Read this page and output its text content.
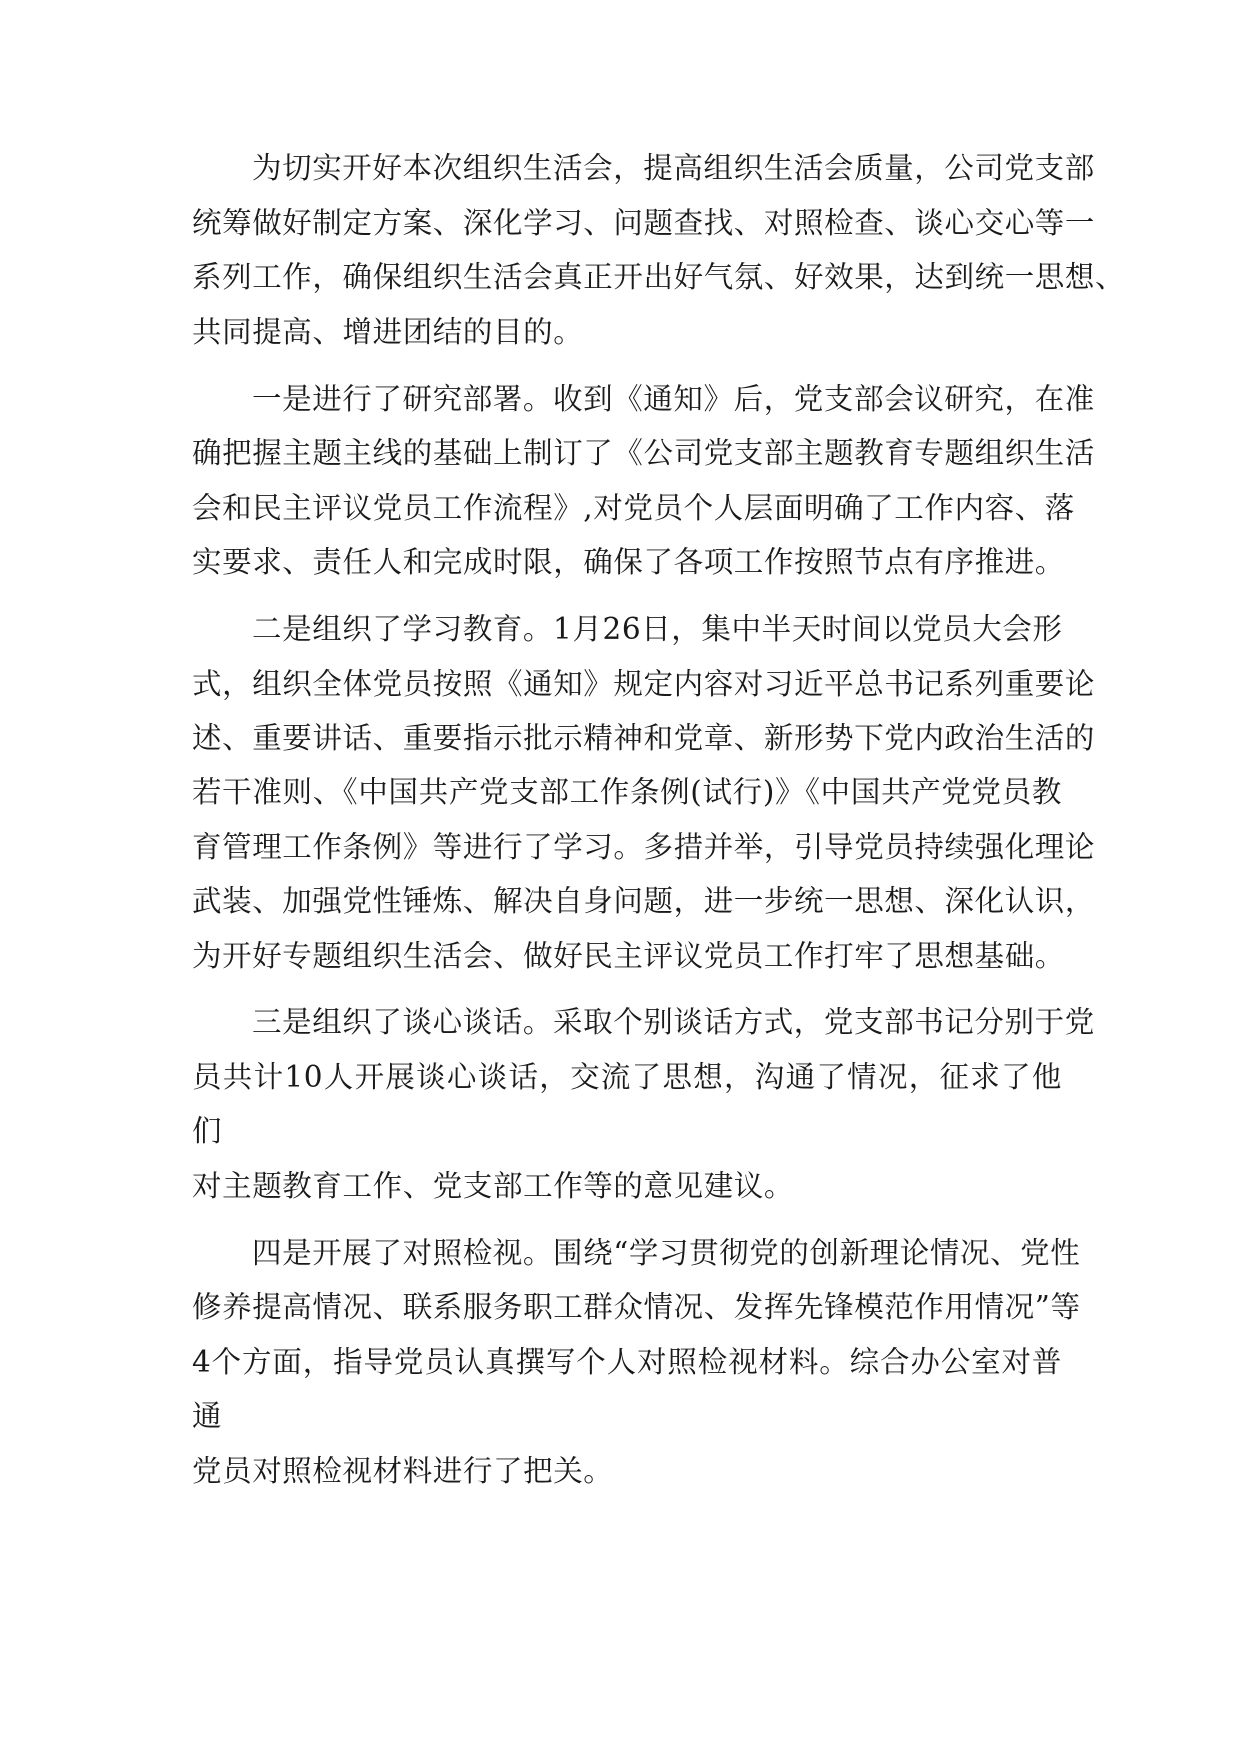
为切实开好本次组织生活会，提高组织生活会质量，公司党支部
统筹做好制定方案、深化学习、问题查找、对照检查、谈心交心等一
系列工作，确保组织生活会真正开出好气氛、好效果，达到统一思想、
共同提高、增进团结的目的。
一是进行了研究部署。收到《通知》后，党支部会议研究，在准
确把握主题主线的基础上制订了《公司党支部主题教育专题组织生活
会和民主评议党员工作流程》,对党员个人层面明确了工作内容、落
实要求、责任人和完成时限，确保了各项工作按照节点有序推进。
二是组织了学习教育。1月26日，集中半天时间以党员大会形
式，组织全体党员按照《通知》规定内容对习近平总书记系列重要论
述、重要讲话、重要指示批示精神和党章、新形势下党内政治生活的
若干准则、《中国共产党支部工作条例(试行)》《中国共产党党员教
育管理工作条例》等进行了学习。多措并举，引导党员持续强化理论
武装、加强党性锤炼、解决自身问题，进一步统一思想、深化认识，
为开好专题组织生活会、做好民主评议党员工作打牢了思想基础。
三是组织了谈心谈话。采取个别谈话方式，党支部书记分别于党
员共计10人开展谈心谈话，交流了思想，沟通了情况，征求了他
们
对主题教育工作、党支部工作等的意见建议。
四是开展了对照检视。围绕“学习贯彻党的创新理论情况、党性
修养提高情况、联系服务职工群众情况、发挥先锋模范作用情况”等
4个方面，指导党员认真撰写个人对照检视材料。综合办公室对普
通
党员对照检视材料进行了把关。
